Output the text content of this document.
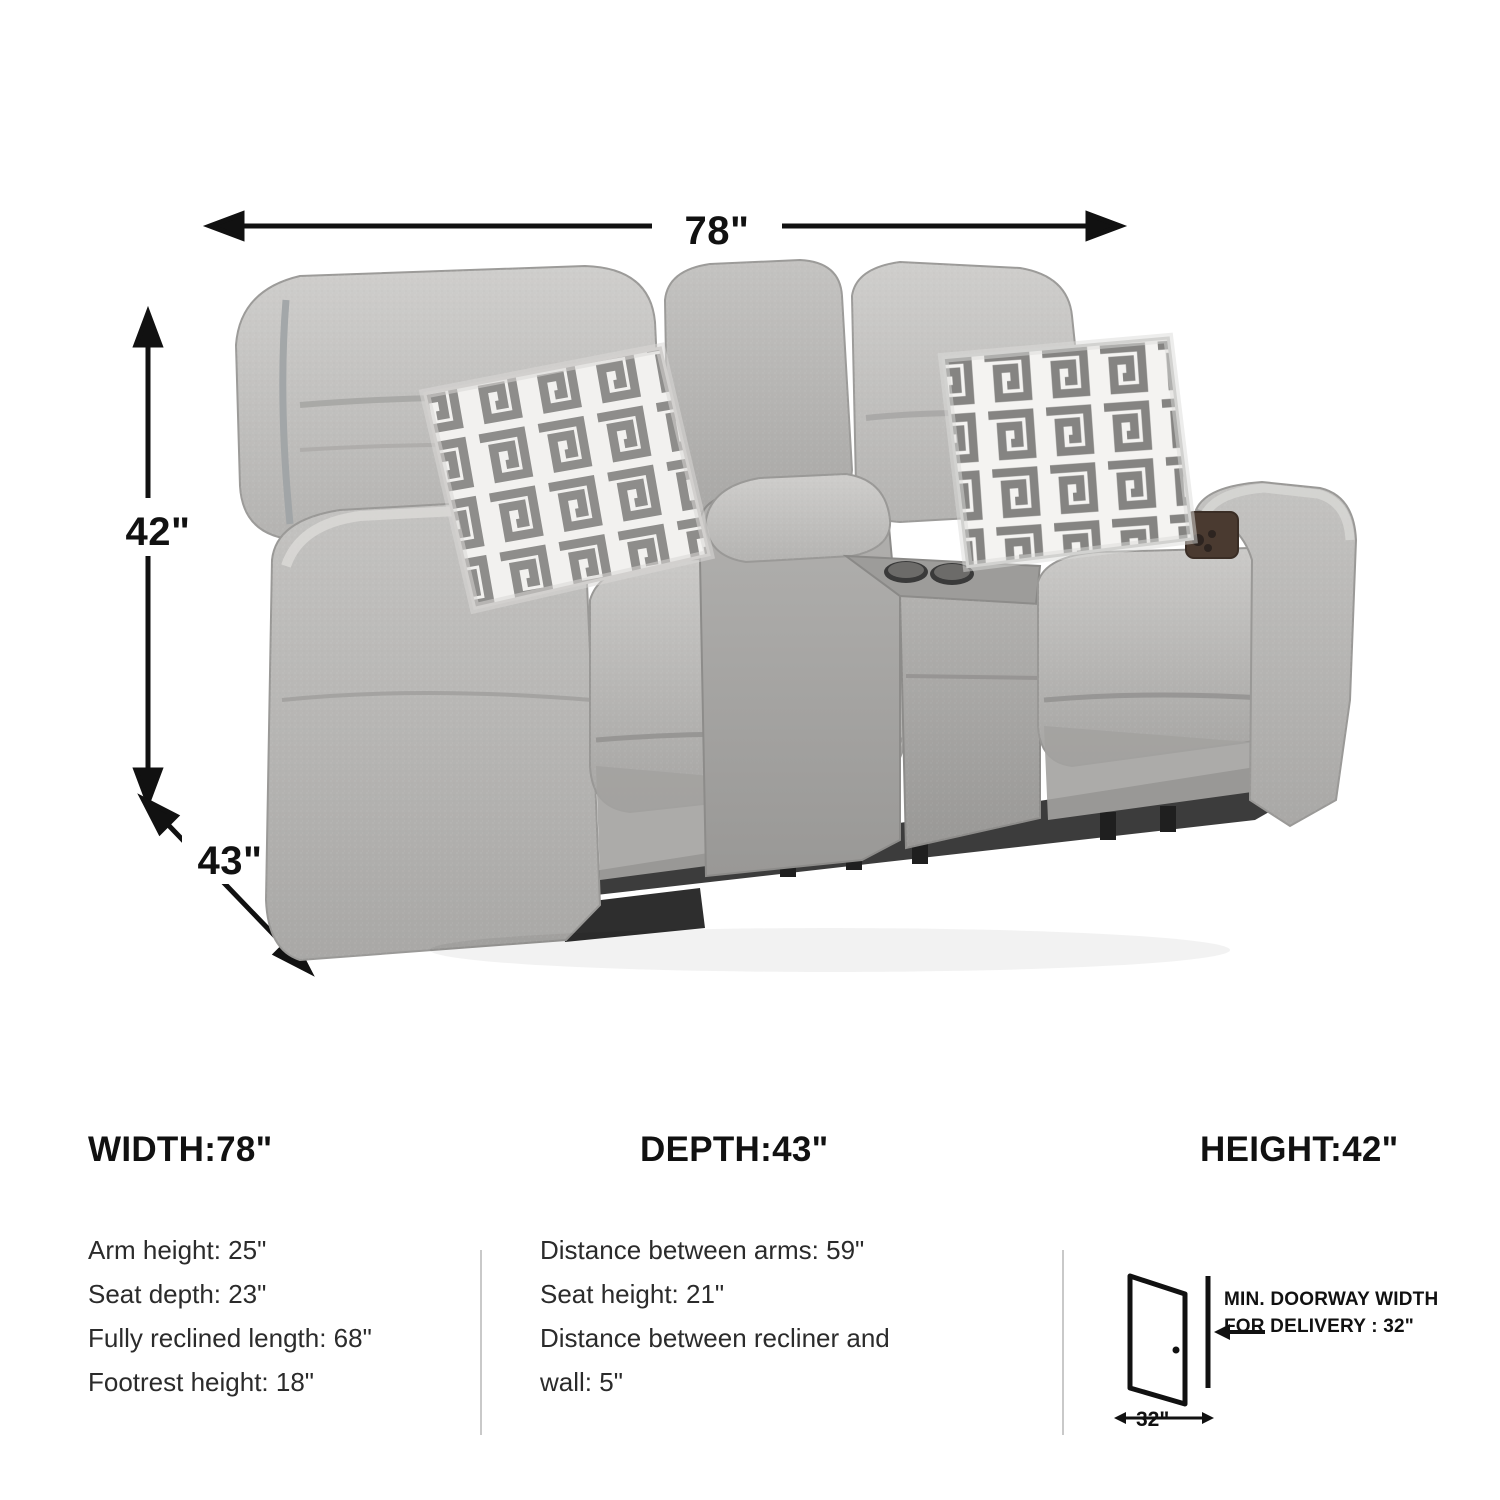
78"
42"
43"
WIDTH:78"
Arm height: 25"
Seat depth: 23"
Fully reclined length: 68"
Footrest height: 18"
DEPTH:43"
Distance between arms: 59"
Seat height: 21"
Distance between recliner and
wall: 5"
HEIGHT:42"
MIN. DOORWAY WIDTH
FOR DELIVERY : 32"
32"
